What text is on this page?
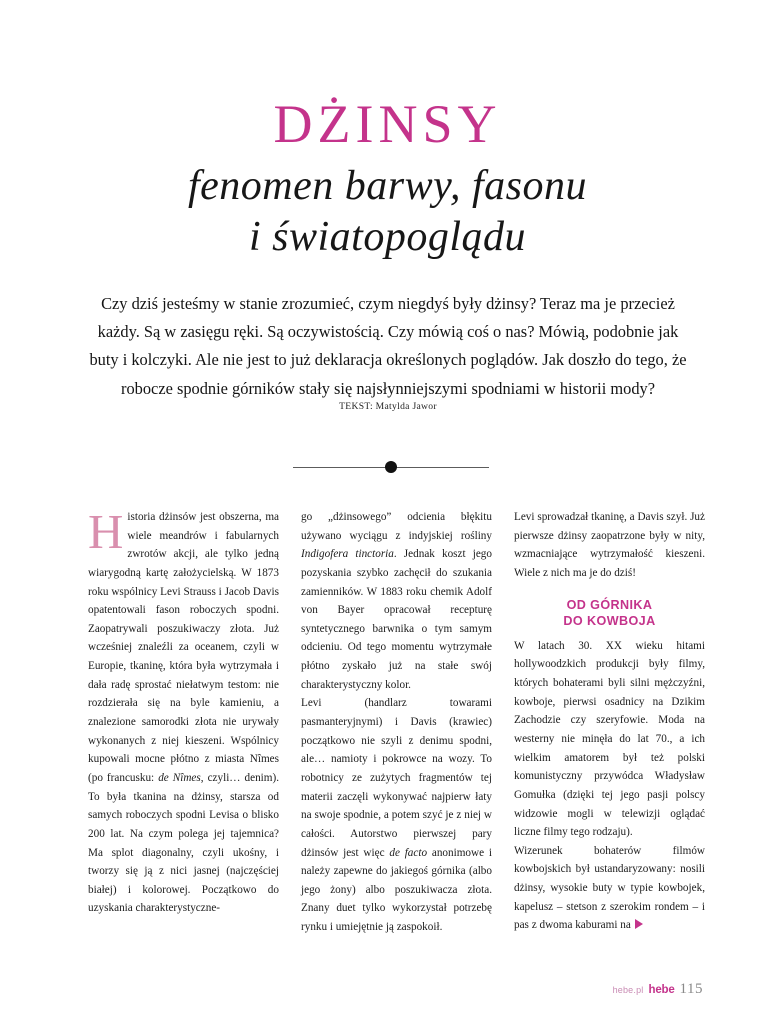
DŻINSY
fenomen barwy, fasonu
i światopoglądu
Czy dziś jesteśmy w stanie zrozumieć, czym niegdyś były dżinsy? Teraz ma je przecież każdy. Są w zasięgu ręki. Są oczywistością. Czy mówią coś o nas? Mówią, podobnie jak buty i kolczyki. Ale nie jest to już deklaracja określonych poglądów. Jak doszło do tego, że robocze spodnie górników stały się najsłynniejszymi spodniami w historii mody?
TEKST: Matylda Jawor

Historia dżinsów jest obszerna, ma wiele meandrów i fabularnych zwrotów akcji, ale tylko jedną wiarygodną kartę założycielską. W 1873 roku wspólnicy Levi Strauss i Jacob Davis opatentowali fason roboczych spodni. Zaopatrywali poszukiwaczy złota. Już wcześniej znaleźli za oceanem, czyli w Europie, tkaninę, która była wytrzymała i dała radę sprostać niełatwym testom: nie rozdzierała się na byle kamieniu, a znalezione samorodki złota nie urywały wykonanych z niej kieszeni. Wspólnicy kupowali mocne płótno z miasta Nîmes (po francusku: de Nîmes, czyli… denim). To była tkanina na dżinsy, starsza od samych roboczych spodni Levisa o blisko 200 lat. Na czym polega jej tajemnica? Ma splot diagonalny, czyli ukośny, i tworzy się ją z nici jasnej (najczęściej białej) i kolorowej. Początkowo do uzyskania charakterystyczne-

go „dżinsowego” odcienia błękitu używano wyciągu z indyjskiej rośliny Indigofera tinctoria. Jednak koszt jego pozyskania szybko zachęcił do szukania zamienników. W 1883 roku chemik Adolf von Bayer opracował recepturę syntetycznego barwnika o tym samym odcieniu. Od tego momentu wytrzymałe płótno zyskało już na stałe swój charakterystyczny kolor.

Levi (handlarz towarami pasmanteryjnymi) i Davis (krawiec) początkowo nie szyli z denimu spodni, ale… namioty i pokrowce na wozy. To robotnicy ze zużytych fragmentów tej materii zaczęli wykonywać najpierw łaty na swoje spodnie, a potem szyć je z niej w całości. Autorstwo pierwszej pary dżinsów jest więc de facto anonimowe i należy zapewne do jakiegoś górnika (albo jego żony) albo poszukiwacza złota. Znany duet tylko wykorzystał potrzebę rynku i umiejętnie ją zaspokoił.

Levi sprowadzał tkaninę, a Davis szył. Już pierwsze dżinsy zaopatrzone były w nity, wzmacniające wytrzymałość kieszeni. Wiele z nich ma je do dziś!

OD GÓRNIKA
DO KOWBOJA

W latach 30. XX wieku hitami hollywoodzkich produkcji były filmy, których bohaterami byli silni mężczyźni, kowboje, pierwsi osadnicy na Dzikim Zachodzie czy szeryfowie. Moda na westerny nie minęła do lat 70., a ich wielkim amatorem był też polski komunistyczny przywódca Władysław Gomułka (dzięki tej jego pasji polscy widzowie mogli w telewizji oglądać liczne filmy tego rodzaju).

Wizerunek bohaterów filmów kowbojskich był ustandaryzowany: nosili dżinsy, wysokie buty w typie kowbojek, kapelusz – stetson z szerokim rondem – i pas z dwoma kaburami na

hebe.pl hebe 115
